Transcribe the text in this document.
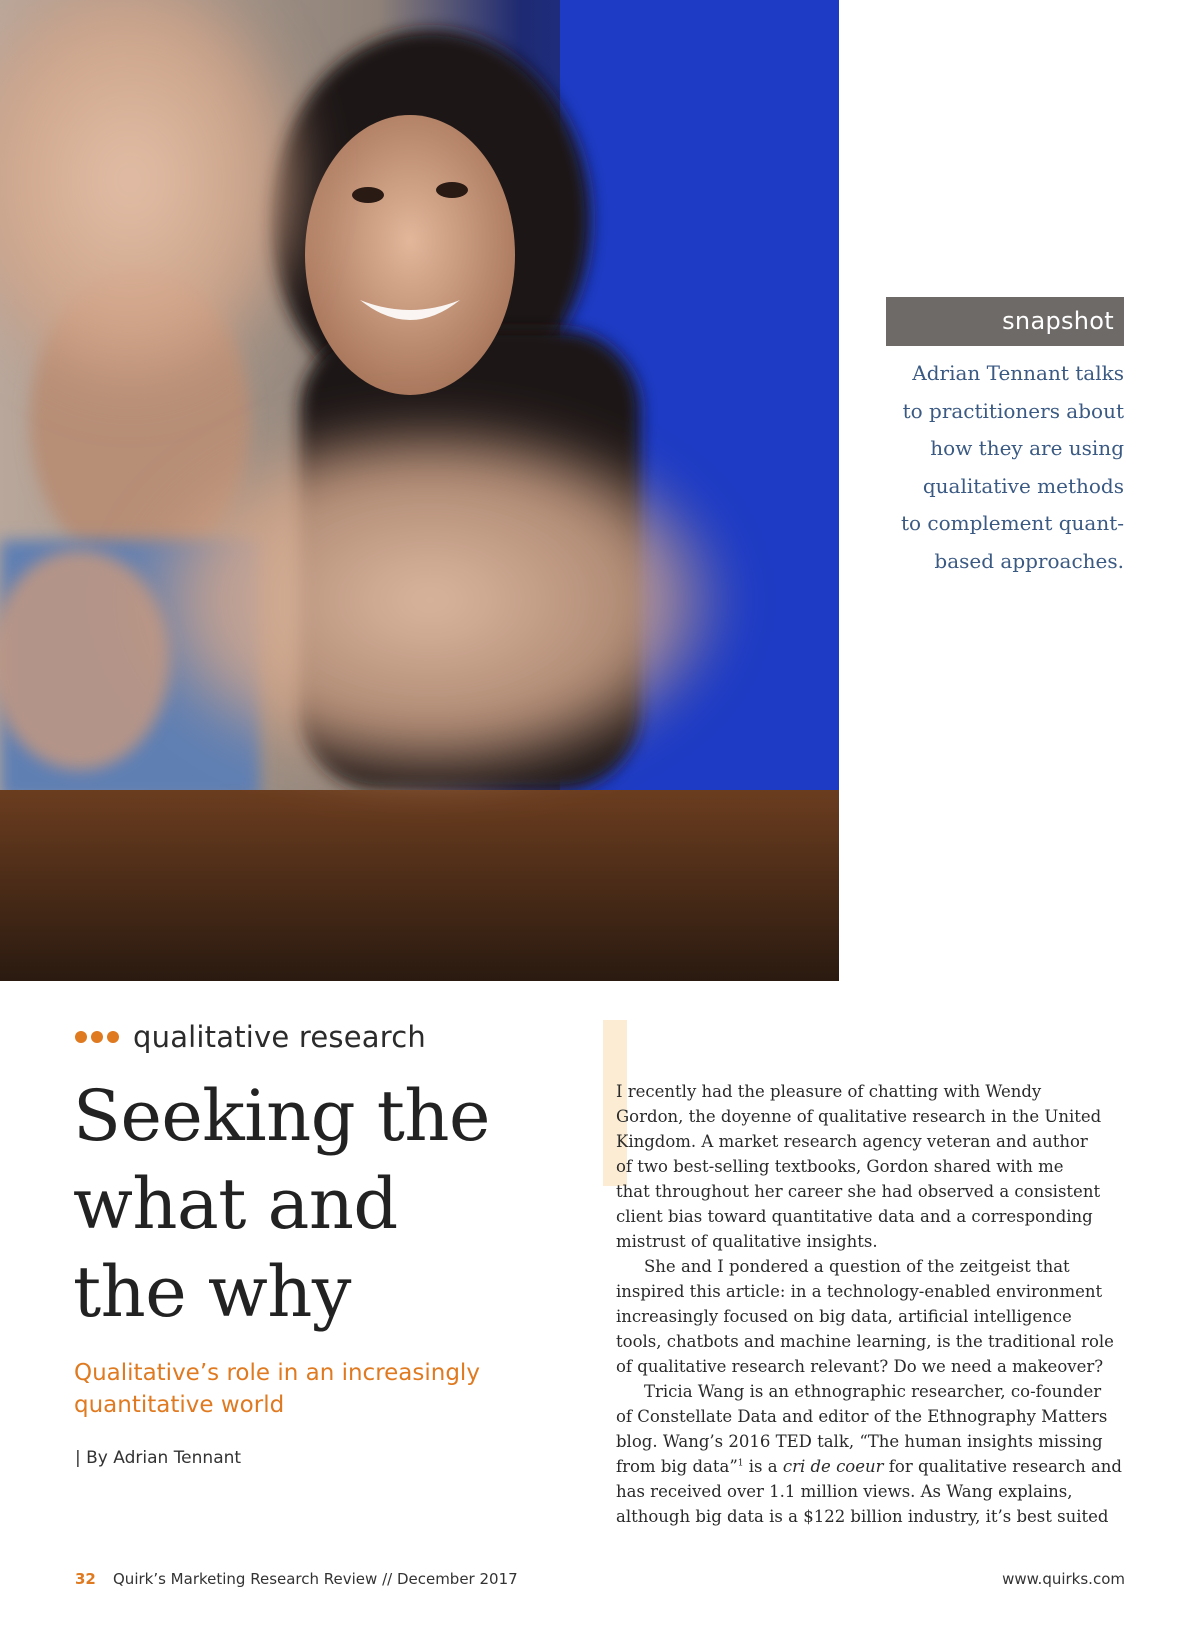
snapshot
Adrian Tennant talks
to practitioners about
how they are using
qualitative methods
to complement quant-
based approaches.
qualitative research
Seeking the
what and
the why
Qualitative’s role in an increasingly
quantitative world
| By Adrian Tennant

I recently had the pleasure of chatting with Wendy
Gordon, the doyenne of qualitative research in the United
Kingdom. A market research agency veteran and author
of two best-selling textbooks, Gordon shared with me
that throughout her career she had observed a consistent
client bias toward quantitative data and a corresponding
mistrust of qualitative insights.

She and I pondered a question of the zeitgeist that
inspired this article: in a technology-enabled environment
increasingly focused on big data, artificial intelligence
tools, chatbots and machine learning, is the traditional role
of qualitative research relevant? Do we need a makeover?

Tricia Wang is an ethnographic researcher, co-founder
of Constellate Data and editor of the Ethnography Matters
blog. Wang’s 2016 TED talk, “The human insights missing
from big data”$^1$ is a cri de coeur for qualitative research and
has received over 1.1 million views. As Wang explains,
although big data is a $122 billion industry, it’s best suited

32 Quirk’s Marketing Research Review // December 2017	www.quirks.com
